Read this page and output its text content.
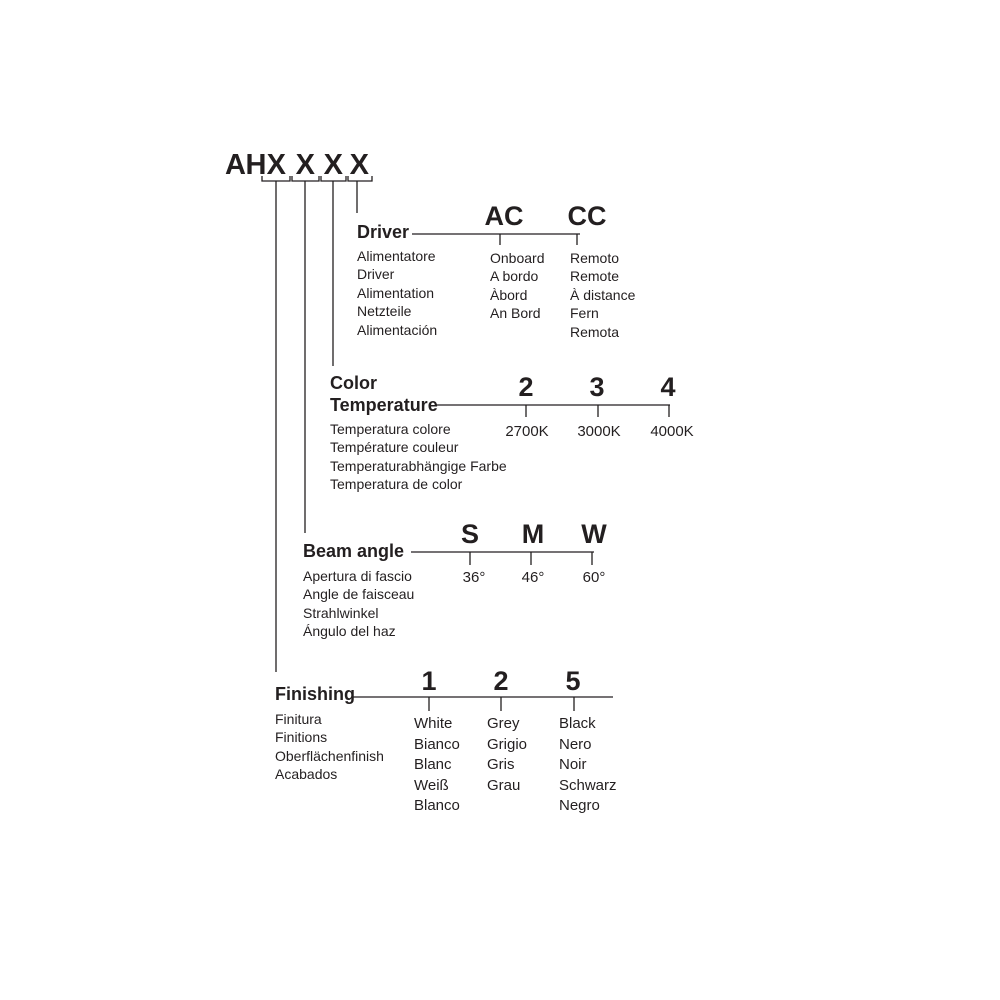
AH X X X X
Driver
Alimentatore
Driver
Alimentation
Netzteile
Alimentación
AC CC
Onboard
A bordo
Àbord
An Bord
Remoto
Remote
À distance
Fern
Remota
Color
Temperature
Temperatura colore
Température couleur
Temperaturabhängige Farbe
Temperatura de color
2 3 4
2700K 3000K 4000K
Beam angle
Apertura di fascio
Angle de faisceau
Strahlwinkel
Ángulo del haz
S M W
36° 46°	60°
Finishing
Finitura
Finitions
Oberflächenfinish
Acabados
1 2 5
White
Bianco
Blanc
Weiß
Blanco
Grey
Grigio
Gris
Grau
Black
Nero
Noir
Schwarz
Negro
